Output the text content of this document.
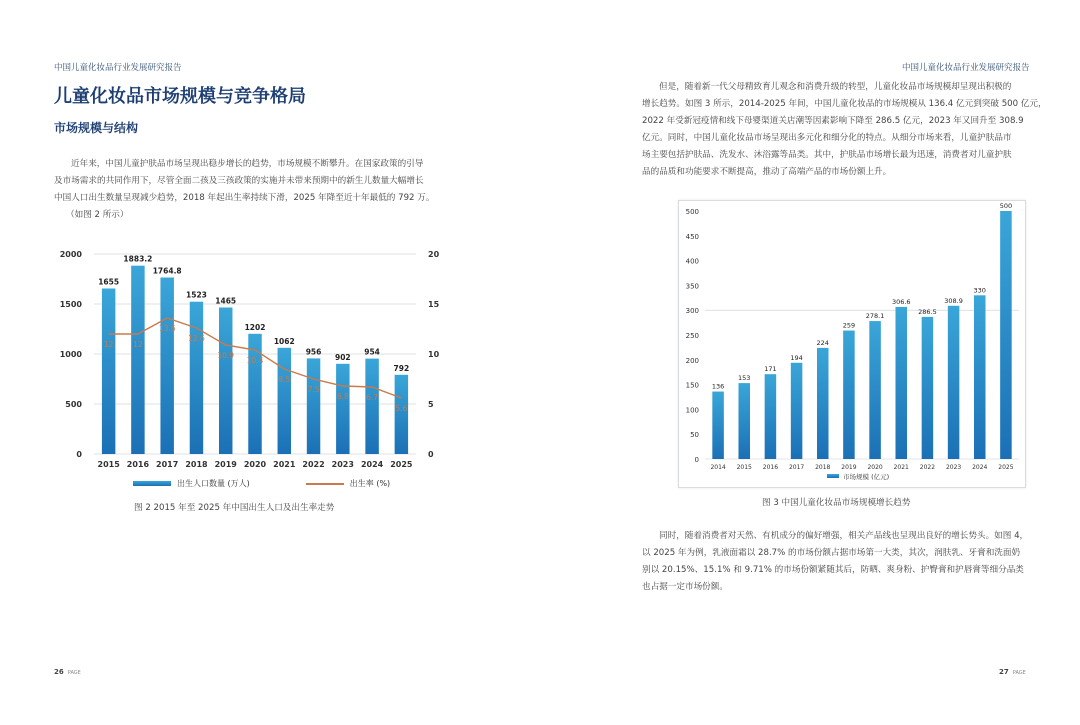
中国儿童化妆品行业发展研究报告
儿童化妆品市场规模与竞争格局
市场规模与结构

近年来，中国儿童护肤品市场呈现出稳步增长的趋势，市场规模不断攀升。在国家政策的引导

及市场需求的共同作用下，尽管全面二孩及三孩政策的实施并未带来预期中的新生儿数量大幅增长

中国人口出生数量呈现减少趋势，2018 年起出生率持续下滑，2025 年降至近十年最低的 792 万。

（如图 2 所示）

0
500
1000
1500
2000
0
5
10
15
20
1655
2015
1883.2
2016
1764.8
2017
1523
2018
1465
2019
1202
2020
1062
2021
956
2022
902
2023
954
2024
792
2025
12	12
13.6
12.6
10.9
10.4
8.5
7.5
6.8 6.7
5.6
出生人口数量 (万人)	出生率 (%)
图 2 2015 年至 2025 年中国出生人口及出生率走势
26 PAGE
中国儿童化妆品行业发展研究报告

但是，随着新一代父母精致育儿观念和消费升级的转型，儿童化妆品市场规模却呈现出积极的

增长趋势。如图 3 所示，2014-2025 年间，中国儿童化妆品的市场规模从 136.4 亿元到突破 500 亿元，

2022 年受新冠疫情和线下母婴渠道关店潮等因素影响下降至 286.5 亿元，2023 年又回升至 308.9

亿元。同时，中国儿童化妆品市场呈现出多元化和细分化的特点。从细分市场来看，儿童护肤品市

场主要包括护肤品、洗发水、沐浴露等品类。其中，护肤品市场增长最为迅速，消费者对儿童护肤

品的品质和功能要求不断提高，推动了高端产品的市场份额上升。

图 3 中国儿童化妆品市场规模增长趋势

同时，随着消费者对天然、有机成分的偏好增强，相关产品线也呈现出良好的增长势头。如图 4，

以 2025 年为例，乳液面霜以 28.7% 的市场份额占据市场第一大类，其次，润肤乳、牙膏和洗面奶

别以 20.15%、15.1% 和 9.71% 的市场份额紧随其后，防晒、爽身粉、护臀膏和护唇膏等细分品类

也占据一定市场份额。

27 PAGE
0
50
100
150
200
250
300
350
400
450
500
136
2014
153
2015
171
2016
194
2017
224
2018
259
2019
278.1
2020
306.6
2021
286.5
2022
308.9
2023
330
2024
500
2025
市场规模 (亿元)
